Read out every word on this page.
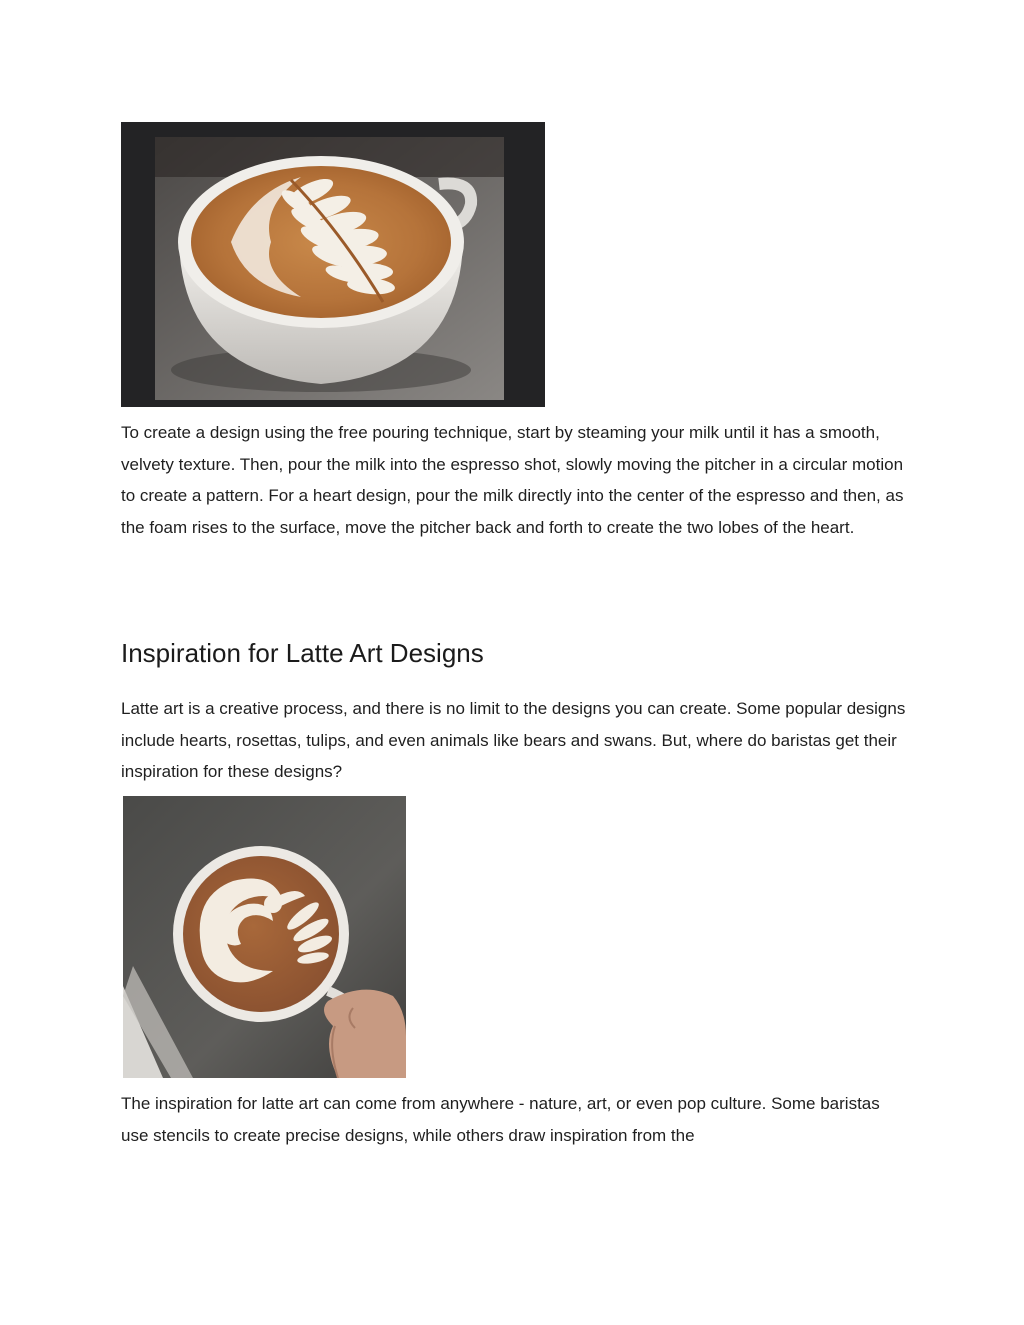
To create a design using the free pouring technique, start by steaming your milk until it has a smooth, velvety texture. Then, pour the milk into the espresso shot, slowly moving the pitcher in a circular motion to create a pattern. For a heart design, pour the milk directly into the center of the espresso and then, as the foam rises to the surface, move the pitcher back and forth to create the two lobes of the heart.

Inspiration for Latte Art Designs

Latte art is a creative process, and there is no limit to the designs you can create. Some popular designs include hearts, rosettas, tulips, and even animals like bears and swans. But, where do baristas get their inspiration for these designs?

The inspiration for latte art can come from anywhere - nature, art, or even pop culture. Some baristas use stencils to create precise designs, while others draw inspiration from the
